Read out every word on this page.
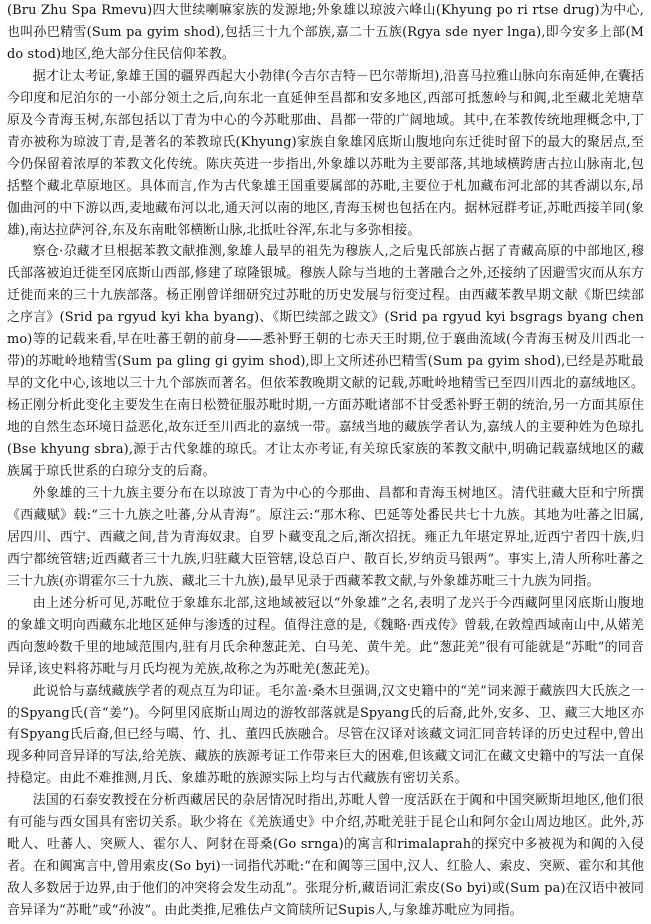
(Bru Zhu Spa Rmevu)四大世续喇嘛家族的发源地;外象雄以琼波六峰山(Khyung po ri rtse drug)为中心,也叫孙巴精雪(Sum pa gyim shod),包括三十九个部族,嘉二十五族(Rgya sde nyer lnga),即今安多上部(Mdo stod)地区,绝大部分住民信仰苯教。

据才让太考证,象雄王国的疆界西起大小勃律(今吉尔吉特－巴尔蒂斯坦),沿喜马拉雅山脉向东南延伸,在囊括今印度和尼泊尔的一小部分领土之后,向东北一直延伸至昌都和安多地区,西部可抵葱岭与和阗,北至藏北羌塘草原及今青海玉树,东部包括以丁青为中心的今苏毗那曲、昌都一带的广阔地域。其中,在苯教传统地理概念中,丁青亦被称为琼波丁青,是著名的苯教琼氏(Khyung)家族自象雄冈底斯山腹地向东迁徙时留下的最大的聚居点,至今仍保留着浓厚的苯教文化传统。陈庆英进一步指出,外象雄以苏毗为主要部落,其地域横跨唐古拉山脉南北,包括整个藏北草原地区。具体而言,作为古代象雄王国重要属部的苏毗,主要位于札加藏布河北部的其香湖以东,昂伽曲河的中下游以西,麦地藏布河以北,通天河以南的地区,青海玉树也包括在内。据林冠群考证,苏毗西接羊同(象雄),南达拉萨河谷,东及东南毗邻横断山脉,北抵吐谷浑,东北与多弥相接。

察仓·尕藏才旦根据苯教文献推测,象雄人最早的祖先为穆族人,之后鬼氏部族占据了青藏高原的中部地区,穆氏部落被迫迁徙至冈底斯山西部,修建了琼隆银城。穆族人除与当地的土著融合之外,还接纳了因避雪灾而从东方迁徙而来的三十九族部落。杨正刚曾详细研究过苏毗的历史发展与衍变过程。由西藏苯教早期文献《斯巴续部之序言》(Srid pa rgyud kyi kha byang)、《斯巴续部之跋文》(Srid pa rgyud kyi bsgrags byang chen mo)等的记载来看,早在吐蕃王朝的前身——悉补野王朝的七赤天王时期,位于襄曲流域(今青海玉树及川西北一带)的苏毗岭地精雪(Sum pa gling gi gyim shod),即上文所述孙巴精雪(Sum pa gyim shod),已经是苏毗最早的文化中心,该地以三十九个部族而著名。但依苯教晚期文献的记载,苏毗岭地精雪已至四川西北的嘉绒地区。杨正刚分析此变化主要发生在南日松赞征服苏毗时期,一方面苏毗诸部不甘受悉补野王朝的统治,另一方面其原住地的自然生态环境日益恶化,故东迁至川西北的嘉绒一带。嘉绒当地的藏族学者认为,嘉绒人的主要种姓为色琼扎(Bse khyung sbra),源于古代象雄的琼氏。才让太亦考证,有关琼氏家族的苯教文献中,明确记载嘉绒地区的藏族属于琼氏世系的白琼分支的后裔。

外象雄的三十九族主要分布在以琼波丁青为中心的今那曲、昌都和青海玉树地区。清代驻藏大臣和宁所撰《西藏赋》载:“三十九族之吐蕃,分从青海”。原注云:“那木称、巴延等处番民共七十九族。其地为吐蕃之旧属,居四川、西宁、西藏之间,昔为青海奴隶。自罗卜藏变乱之后,渐次招抚。雍正九年堪定界址,近西宁者四十族,归西宁都统管辖;近西藏者三十九族,归驻藏大臣管辖,设总百户、散百长,岁纳贡马银两”。事实上,清人所称吐蕃之三十九族(亦谓霍尔三十九族、藏北三十九族),最早见录于西藏苯教文献,与外象雄苏毗三十九族为同指。

由上述分析可见,苏毗位于象雄东北部,这地域被冠以“外象雄”之名,表明了龙兴于今西藏阿里冈底斯山腹地的象雄文明向西藏东北地区延伸与渗透的过程。值得注意的是,《魏略·西戎传》曾载,在敦煌西域南山中,从婼羌西向葱岭数千里的地域范围内,驻有月氏余种葱茈羌、白马羌、黄牛羌。此“葱茈羌”很有可能就是“苏毗”的同音异译,该史料将苏毗与月氏均视为羌族,故称之为苏毗羌(葱茈羌)。

此说恰与嘉绒藏族学者的观点互为印证。毛尔盖·桑木旦强调,汉文史籍中的“羌”词来源于藏族四大氏族之一的Spyang氏(音“姜”)。今阿里冈底斯山周边的游牧部落就是Spyang氏的后裔,此外,安多、卫、藏三大地区亦有Spyang氏后裔,但已经与噶、竹、扎、董四氏族融合。尽管在汉译对该藏文词汇同音转译的历史过程中,曾出现多种同音异译的写法,给羌族、藏族的族源考证工作带来巨大的困难,但该藏文词汇在藏文史籍中的写法一直保持稳定。由此不难推测,月氏、象雄苏毗的族源实际上均与古代藏族有密切关系。

法国的石泰安教授在分析西藏居民的杂居情况时指出,苏毗人曾一度活跃在于阗和中国突厥斯坦地区,他们很有可能与西女国具有密切关系。耿少将在《羌族通史》中介绍,苏毗羌驻于昆仑山和阿尔金山周边地区。此外,苏毗人、吐蕃人、突厥人、霍尔人、阿豺在哥桑(Go srnga)的寓言和rimalaprah的探究中多被视为和阗的入侵者。在和阗寓言中,曾用索皮(So byi)一词指代苏毗:“在和阗等三国中,汉人、红脸人、索皮、突厥、霍尔和其他敌人多数居于边界,由于他们的冲突将会发生动乱”。张琨分析,藏语词汇索皮(So byi)或(Sum pa)在汉语中被同音异译为“苏毗”或“孙波”。由此类推,尼雅佉卢文简牍所记Supis人,与象雄苏毗应为同指。
